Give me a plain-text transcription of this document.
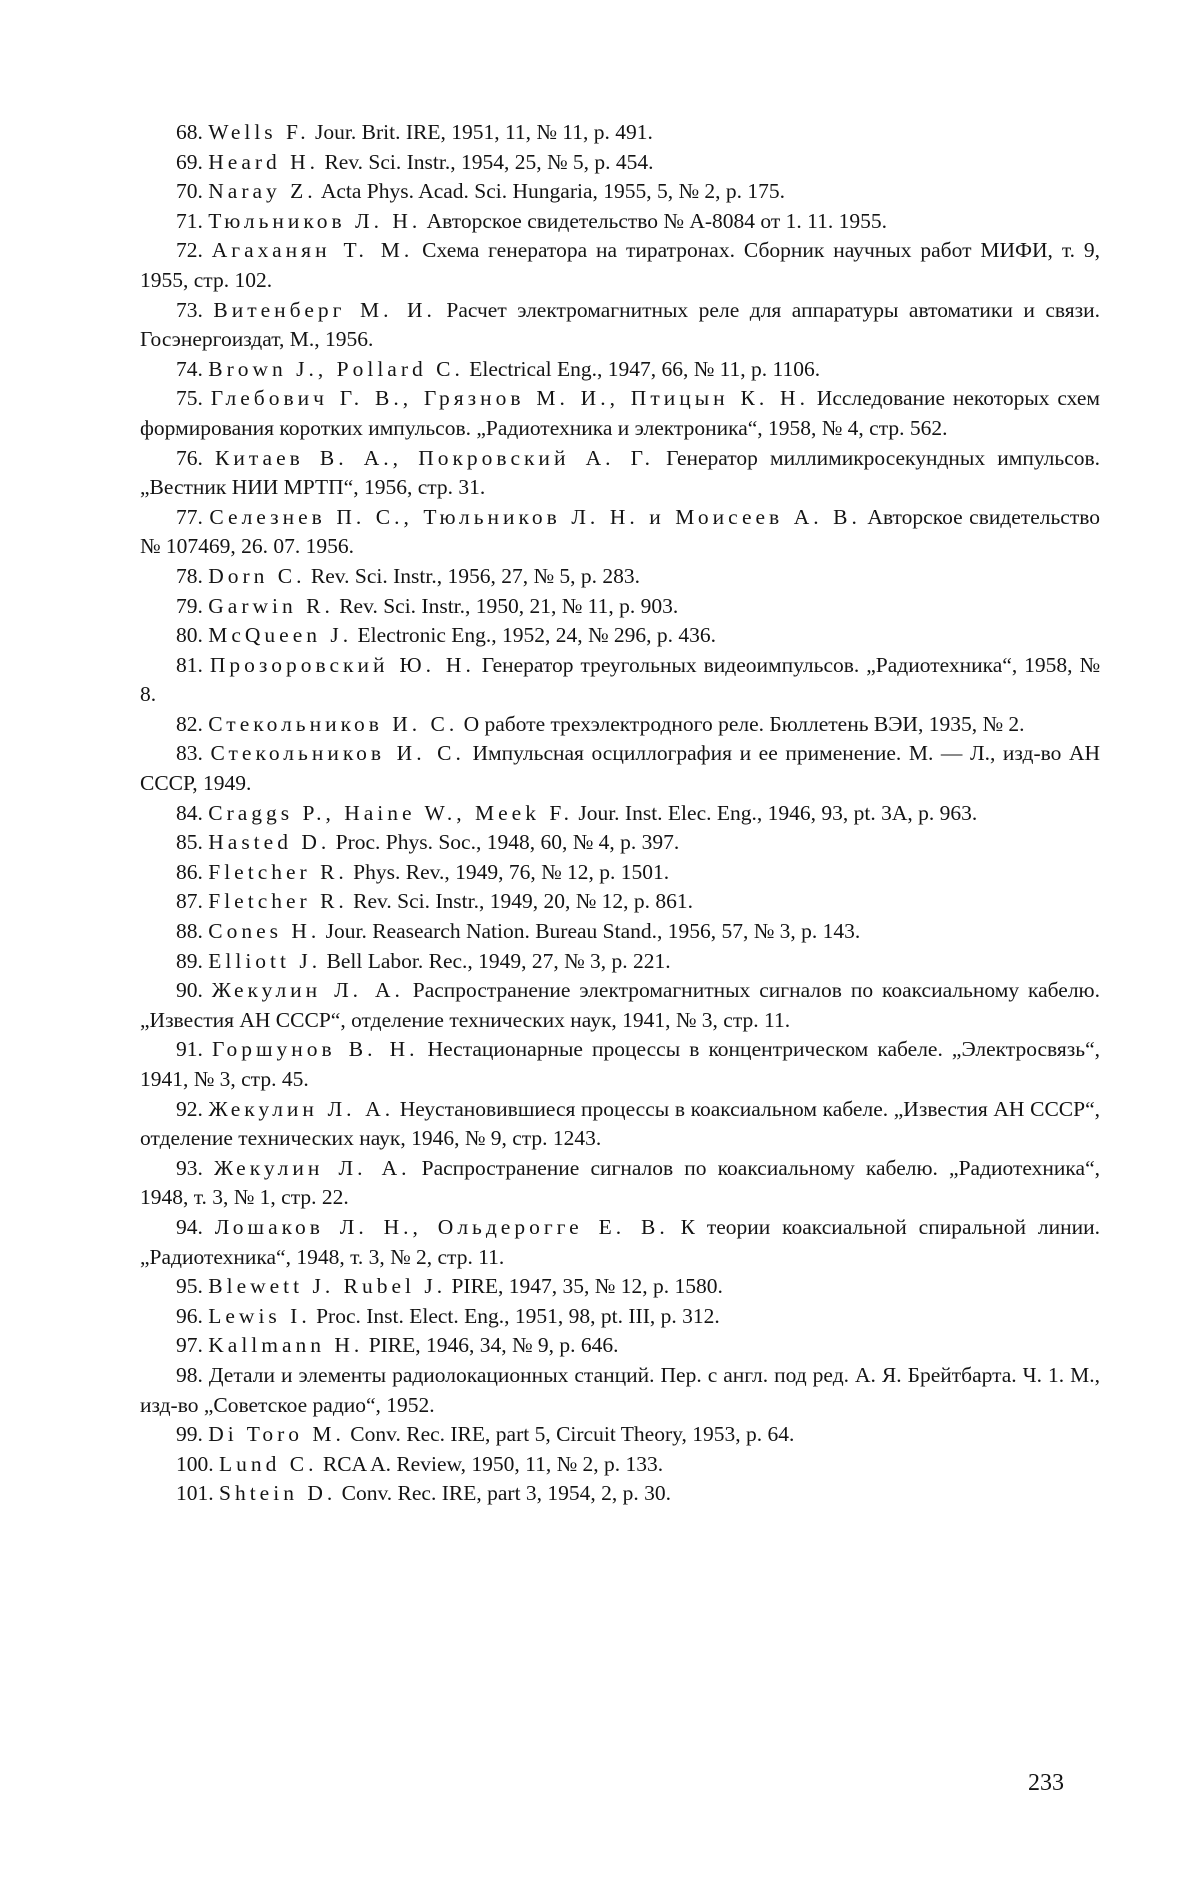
68. Wells F. Jour. Brit. IRE, 1951, 11, № 11, p. 491.

69. Heard H. Rev. Sci. Instr., 1954, 25, № 5, p. 454.

70. Naray Z. Acta Phys. Acad. Sci. Hungaria, 1955, 5, № 2, p. 175.

71. Тюльников Л. Н. Авторское свидетельство № А-8084 от 1. 11. 1955.

72. Агаханян Т. М. Схема генератора на тиратронах. Сборник научных работ МИФИ, т. 9, 1955, стр. 102.

73. Витенберг М. И. Расчет электромагнитных реле для аппаратуры автоматики и связи. Госэнергоиздат, М., 1956.

74. Brown J., Pollard C. Electrical Eng., 1947, 66, № 11, p. 1106.

75. Глебович Г. В., Грязнов М. И., Птицын К. Н. Исследование некоторых схем формирования коротких импульсов. „Радиотехника и электроника“, 1958, № 4, стр. 562.

76. Китаев В. А., Покровский А. Г. Генератор миллимикросекундных импульсов. „Вестник НИИ МРТП“, 1956, стр. 31.

77. Селезнев П. С., Тюльников Л. Н. и Моисеев А. В. Авторское свидетельство № 107469, 26. 07. 1956.

78. Dorn C. Rev. Sci. Instr., 1956, 27, № 5, p. 283.

79. Garwin R. Rev. Sci. Instr., 1950, 21, № 11, p. 903.

80. McQueen J. Electronic Eng., 1952, 24, № 296, p. 436.

81. Прозоровский Ю. Н. Генератор треугольных видеоимпульсов. „Радиотехника“, 1958, № 8.

82. Стекольников И. С. О работе трехэлектродного реле. Бюллетень ВЭИ, 1935, № 2.

83. Стекольников И. С. Импульсная осциллография и ее применение. М. — Л., изд-во АН СССР, 1949.

84. Craggs P., Haine W., Meek F. Jour. Inst. Elec. Eng., 1946, 93, pt. 3A, p. 963.

85. Hasted D. Proc. Phys. Soc., 1948, 60, № 4, p. 397.

86. Fletcher R. Phys. Rev., 1949, 76, № 12, p. 1501.

87. Fletcher R. Rev. Sci. Instr., 1949, 20, № 12, p. 861.

88. Cones H. Jour. Reasearch Nation. Bureau Stand., 1956, 57, № 3, p. 143.

89. Elliott J. Bell Labor. Rec., 1949, 27, № 3, p. 221.

90. Жекулин Л. А. Распространение электромагнитных сигналов по коаксиальному кабелю. „Известия АН СССР“, отделение технических наук, 1941, № 3, стр. 11.

91. Горшунов В. Н. Нестационарные процессы в концентрическом кабеле. „Электросвязь“, 1941, № 3, стр. 45.

92. Жекулин Л. А. Неустановившиеся процессы в коаксиальном кабеле. „Известия АН СССР“, отделение технических наук, 1946, № 9, стр. 1243.

93. Жекулин Л. А. Распространение сигналов по коаксиальному кабелю. „Радиотехника“, 1948, т. 3, № 1, стр. 22.

94. Лошаков Л. Н., Ольдерогге Е. В. К теории коаксиальной спиральной линии. „Радиотехника“, 1948, т. 3, № 2, стр. 11.

95. Blewett J. Rubel J. PIRE, 1947, 35, № 12, p. 1580.

96. Lewis I. Proc. Inst. Elect. Eng., 1951, 98, pt. III, p. 312.

97. Kallmann H. PIRE, 1946, 34, № 9, p. 646.

98. Детали и элементы радиолокационных станций. Пер. с англ. под ред. А. Я. Брейтбарта. Ч. 1. М., изд-во „Советское радио“, 1952.

99. Di Toro M. Conv. Rec. IRE, part 5, Circuit Theory, 1953, p. 64.

100. Lund C. RCA A. Review, 1950, 11, № 2, p. 133.

101. Shtein D. Conv. Rec. IRE, part 3, 1954, 2, p. 30.

233
